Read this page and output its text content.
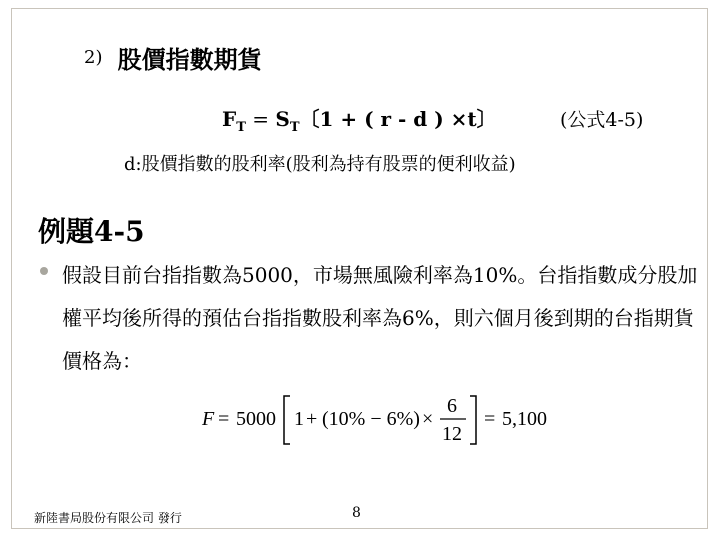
2) 股價指數期貨
$F_T = S_T$〔1 + ( r - d ) ×t〕	(公式4-5)
d:股價指數的股利率(股利為持有股票的便利收益)
例題4-5

假設目前台指指數為5000，市場無風險利率為10%。台指指數成分股加權平均後所得的預估台指指數股利率為6%，則六個月後到期的台指期貨價格為：

F = 5000 1 + (10% − 6%) ×
6
12
= 5,100
新陸書局股份有限公司 發行	8
